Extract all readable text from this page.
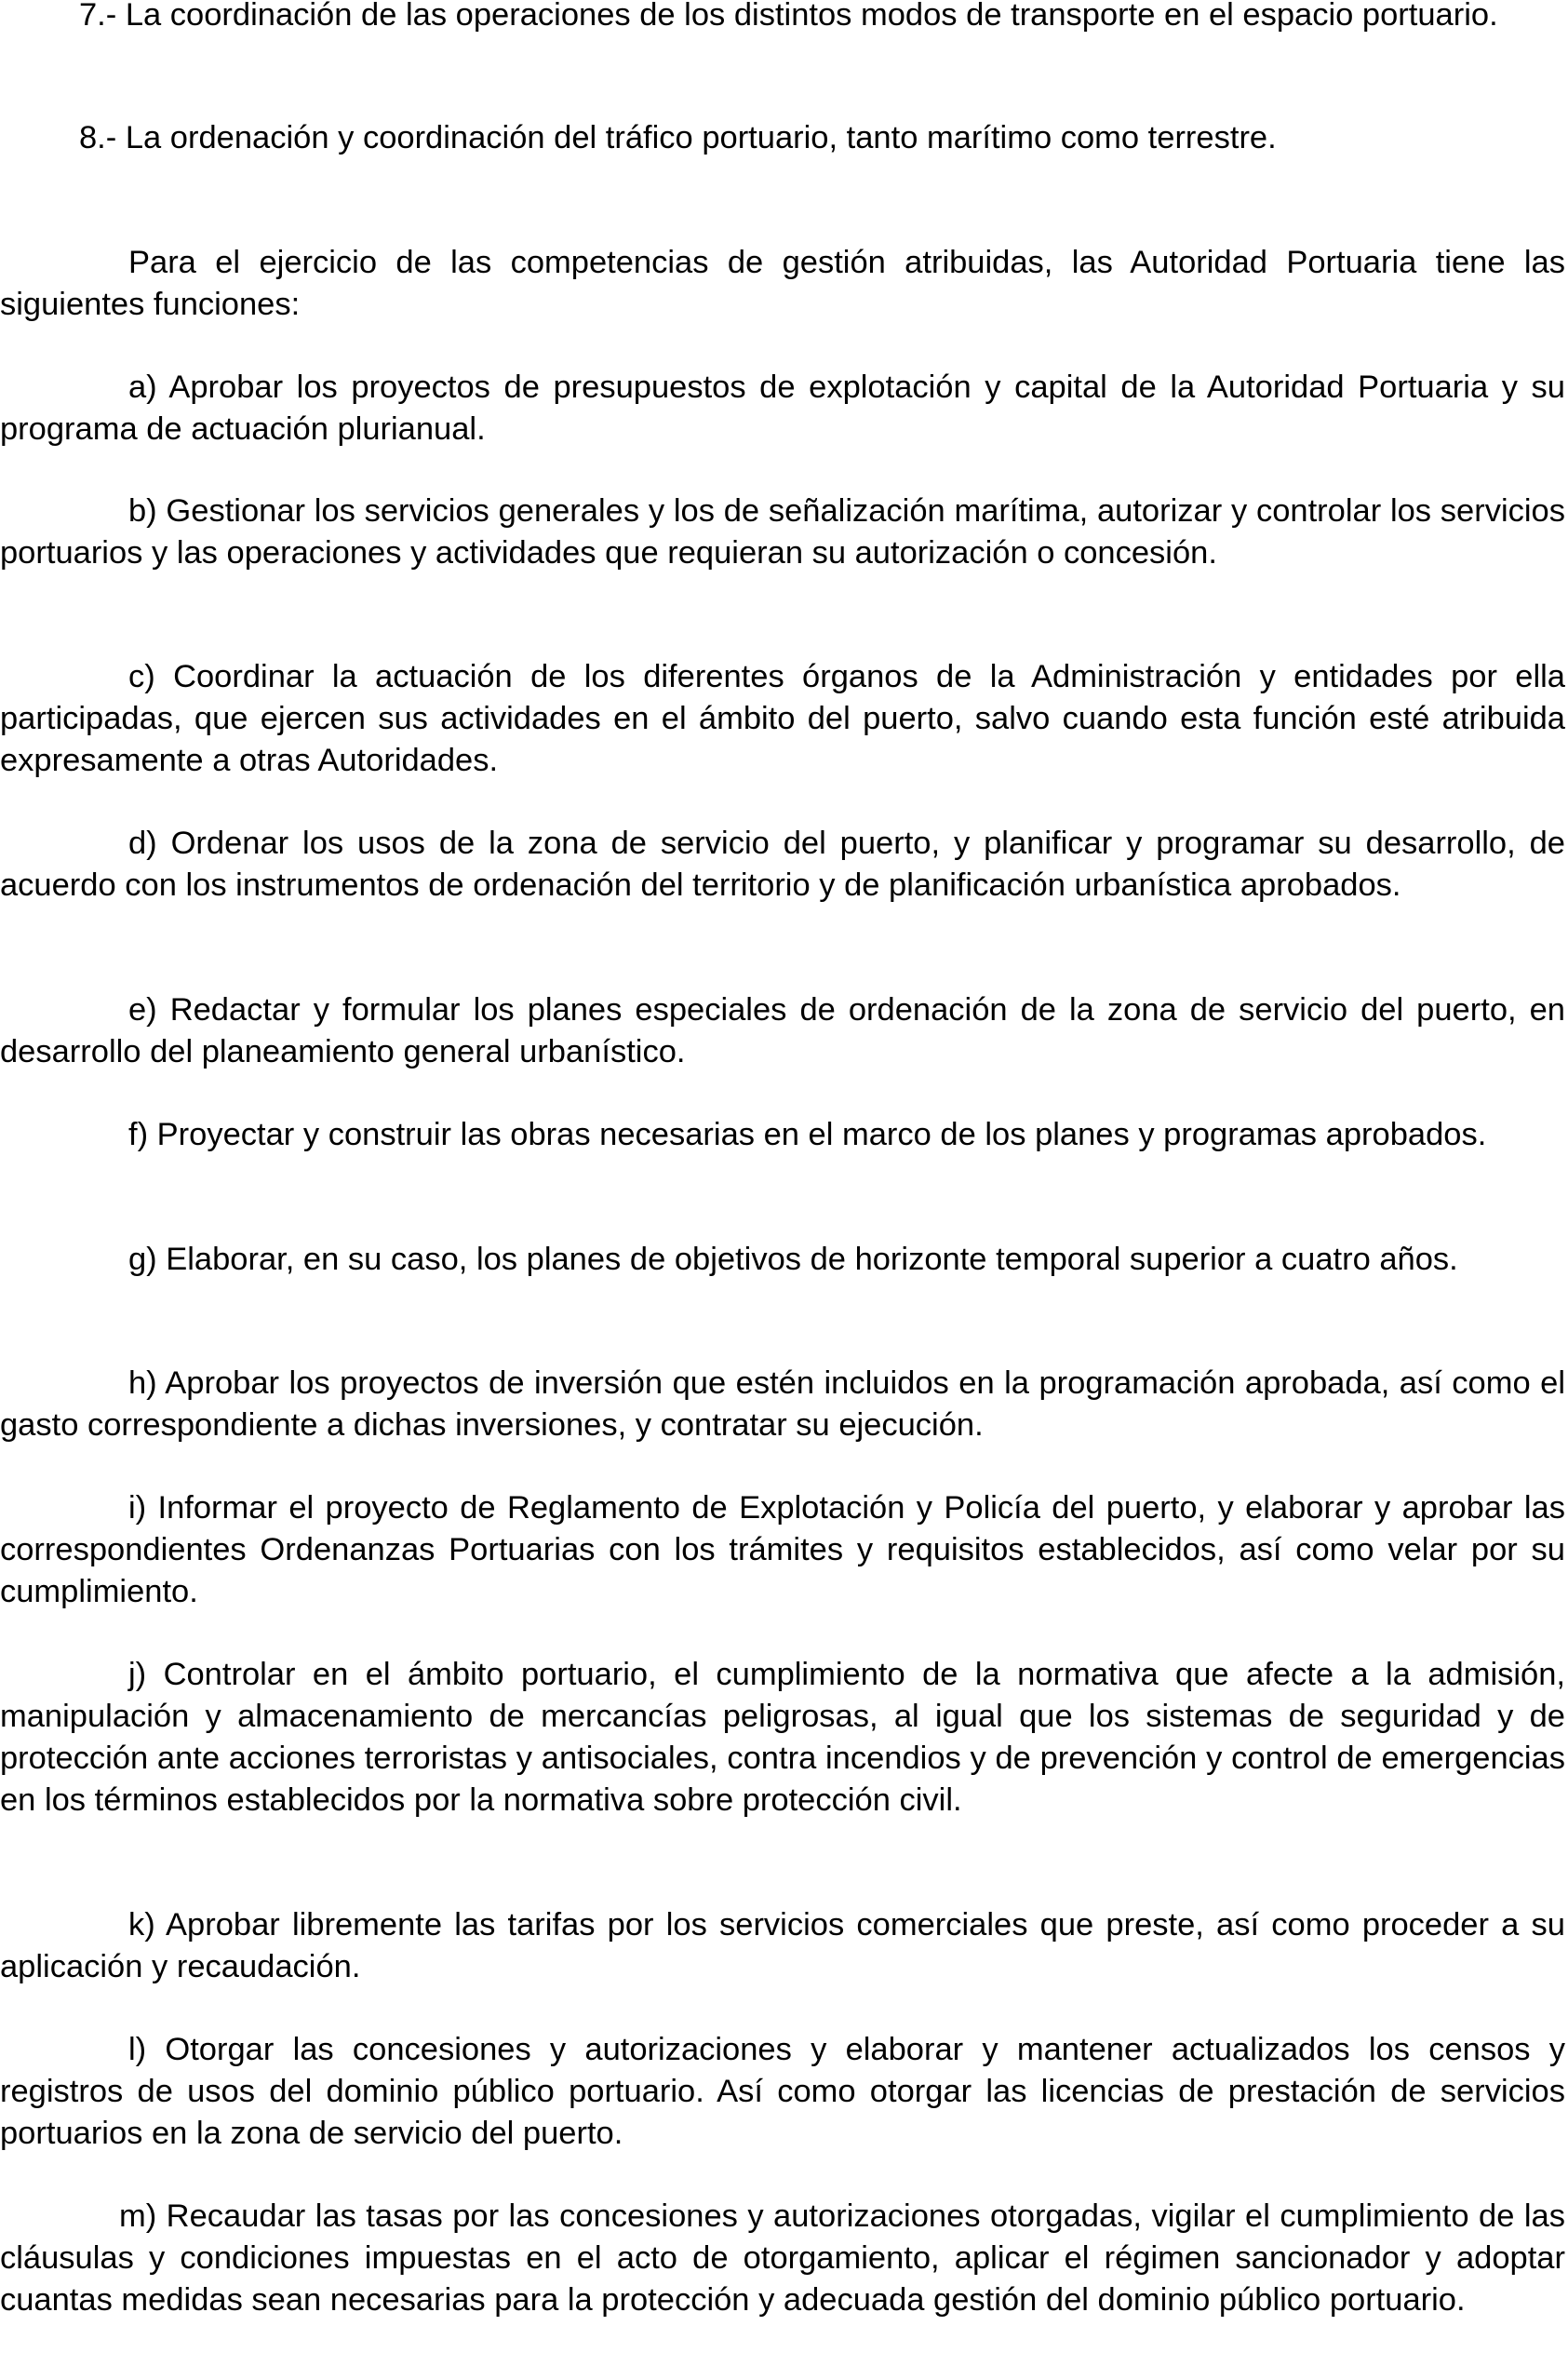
7.- La coordinación de las operaciones de los distintos modos de transporte en el espacio portuario.

8.- La ordenación y coordinación del tráfico portuario, tanto marítimo como terrestre.

Para el ejercicio de las competencias de gestión atribuidas, las Autoridad Portuaria tiene las siguientes funciones:

a) Aprobar los proyectos de presupuestos de explotación y capital de la Autoridad Portuaria y su programa de actuación plurianual.

b) Gestionar los servicios generales y los de señalización marítima, autorizar y controlar los servicios portuarios y las operaciones y actividades que requieran su autorización o concesión.

c) Coordinar la actuación de los diferentes órganos de la Administración y entidades por ella participadas, que ejercen sus actividades en el ámbito del puerto, salvo cuando esta función esté atribuida expresamente a otras Autoridades.

d) Ordenar los usos de la zona de servicio del puerto, y planificar y programar su desarrollo, de acuerdo con los instrumentos de ordenación del territorio y de planificación urbanística aprobados.

e) Redactar y formular los planes especiales de ordenación de la zona de servicio del puerto, en desarrollo del planeamiento general urbanístico.

f) Proyectar y construir las obras necesarias en el marco de los planes y programas aprobados.

g) Elaborar, en su caso, los planes de objetivos de horizonte temporal superior a cuatro años.

h) Aprobar los proyectos de inversión que estén incluidos en la programación aprobada, así como el gasto correspondiente a dichas inversiones, y contratar su ejecución.

i) Informar el proyecto de Reglamento de Explotación y Policía del puerto, y elaborar y aprobar las correspondientes Ordenanzas Portuarias con los trámites y requisitos establecidos, así como velar por su cumplimiento.

j) Controlar en el ámbito portuario, el cumplimiento de la normativa que afecte a la admisión, manipulación y almacenamiento de mercancías peligrosas, al igual que los sistemas de seguridad y de protección ante acciones terroristas y antisociales, contra incendios y de prevención y control de emergencias en los términos establecidos por la normativa sobre protección civil.

k) Aprobar libremente las tarifas por los servicios comerciales que preste, así como proceder a su aplicación y recaudación.

l) Otorgar las concesiones y autorizaciones y elaborar y mantener actualizados los censos y registros de usos del dominio público portuario. Así como otorgar las licencias de prestación de servicios portuarios en la zona de servicio del puerto.

m) Recaudar las tasas por las concesiones y autorizaciones otorgadas, vigilar el cumplimiento de las cláusulas y condiciones impuestas en el acto de otorgamiento, aplicar el régimen sancionador y adoptar cuantas medidas sean necesarias para la protección y adecuada gestión del dominio público portuario.
